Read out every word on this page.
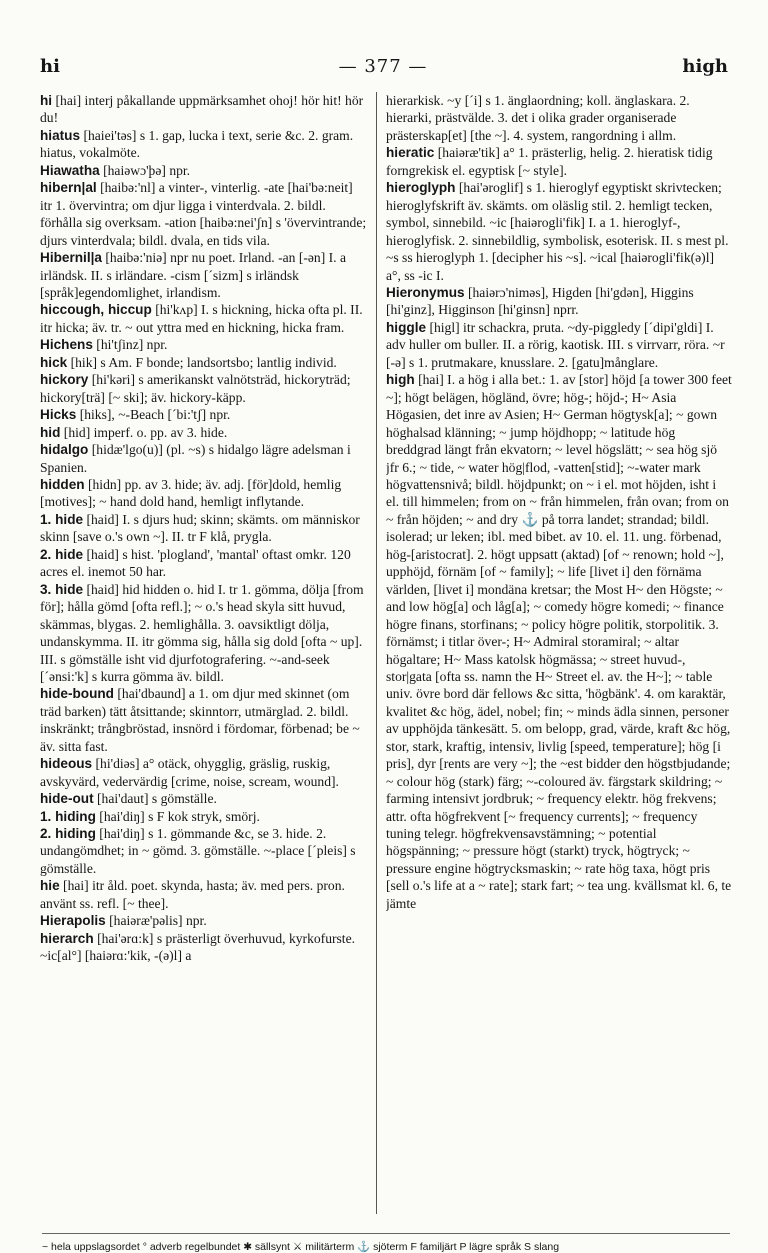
hi	— 377 —	high
hi [hai] interj påkallande uppmärksamhet ohoj! hör hit! hör du!
hiatus [haiei'təs] s 1. gap, lucka i text, serie &c. 2. gram. hiatus, vokalmöte.
Hiawatha [haiəwɔ'þə] npr.
hibern|al [haibə:'nl] a vinter-, vinterlig. -ate [hai'bə:neit] itr 1. övervintra; om djur ligga i vinterdvala. 2. bildl. förhålla sig overksam. -ation [haibə:nei'ʃn] s 'övervintrande; djurs vinterdvala; bildl. dvala, en tids vila.
Hibernil|a [haibə:'niə] npr nu poet. Irland. -an [-ən] I. a irländsk. II. s irländare. -cism [ˊsizm] s irländsk [språk]egendomlighet, irlandism.
hiccough, hiccup [hi'kʌp] I. s hickning, hicka ofta pl. II. itr hicka; äv. tr. ~ out yttra med en hickning, hicka fram.
Hichens [hi'tʃinz] npr.
hick [hik] s Am. F bonde; landsortsbo; lantlig individ.
hickory [hi'kəri] s amerikanskt valnötsträd, hickoryträd; hickory[trä] [~ ski]; äv. hickory-käpp.
Hicks [hiks], ~-Beach [ˊbi:'tʃ] npr.
hid [hid] imperf. o. pp. av 3. hide.
hidalgo [hidæ'lgo(u)] (pl. ~s) s hidalgo lägre adelsman i Spanien.
hidden [hidn] pp. av 3. hide; äv. adj. [för]dold, hemlig [motives]; ~ hand dold hand, hemligt inflytande.
1. hide [haid] I. s djurs hud; skinn; skämts. om människor skinn [save o.'s own ~]. II. tr F klå, prygla.
2. hide [haid] s hist. 'plogland', 'mantal' oftast omkr. 120 acres el. inemot 50 har.
3. hide [haid] hid hidden o. hid I. tr 1. gömma, dölja [from för]; hålla gömd [ofta refl.]; ~ o.'s head skyla sitt huvud, skämmas, blygas. 2. hemlighålla. 3. oavsiktligt dölja, undanskymma. II. itr gömma sig, hålla sig dold [ofta ~ up]. III. s gömställe isht vid djurfotografering. ~-and-seek [ˊənsi:'k] s kurra gömma äv. bildl.
hide-bound [hai'dbaund] a 1. om djur med skinnet (om träd barken) tätt åtsittande; skinntorr, utmärglad. 2. bildl. inskränkt; trångbröstad, insnörd i fördomar, förbenad; be ~ äv. sitta fast.
hideous [hi'diəs] a° otäck, ohygglig, gräslig, ruskig, avskyvärd, vedervärdig [crime, noise, scream, wound].
hide-out [hai'daut] s gömställe.
1. hiding [hai'diŋ] s F kok stryk, smörj.
2. hiding [hai'diŋ] s 1. gömmande &c, se 3. hide. 2. undangömdhet; in ~ gömd. 3. gömställe. ~-place [ˊpleis] s gömställe.
hie [hai] itr åld. poet. skynda, hasta; äv. med pers. pron. använt ss. refl. [~ thee].
Hierapolis [haiəræ'pəlis] npr.
hierarch [hai'ərɑ:k] s prästerligt överhuvud, kyrkofurste. ~ic[al°] [haiərɑ:'kik, -(ə)l] a
hierarkisk. ~y [ˊi] s 1. änglaordning; koll. änglaskara. 2. hierarki, prästvälde. 3. det i olika grader organiserade prästerskap[et] [the ~]. 4. system, rangordning i allm.
hieratic [haiəræ'tik] a° 1. prästerlig, helig. 2. hieratisk tidig forngrekisk el. egyptisk [~ style].
hieroglyph [hai'əroglif] s 1. hieroglyf egyptiskt skrivtecken; hieroglyfskrift äv. skämts. om oläslig stil. 2. hemligt tecken, symbol, sinnebild. ~ic [haiərogli'fik] I. a 1. hieroglyf-, hieroglyfisk. 2. sinnebildlig, symbolisk, esoterisk. II. s mest pl. ~s ss hieroglyph 1. [decipher his ~s]. ~ical [haiərogli'fik(ə)l] a°, ss -ic I.
Hieronymus [haiərɔ'niməs], Higden [hi'gdən], Higgins [hi'ginz], Higginson [hi'ginsn] nprr.
higgle [higl] itr schackra, pruta. ~dy-piggledy [ˊdipi'gldi] I. adv huller om buller. II. a rörig, kaotisk. III. s virrvarr, röra. ~r [-ə] s 1. prutmakare, knusslare. 2. [gatu]månglare.
high [hai] I. a hög i alla bet.: 1. av [stor] höjd [a tower 300 feet ~]; högt belägen, högländ, övre; hög-; höjd-; H~ Asia Högasien, det inre av Asien; H~ German högtysk[a]; ~ gown höghalsad klänning; ~ jump höjdhopp; ~ latitude hög breddgrad längt från ekvatorn; ~ level högslätt; ~ sea hög sjö jfr 6.; ~ tide, ~ water hög|flod, -vatten[stid]; ~-water mark högvattensnivå; bildl. höjdpunkt; on ~ i el. mot höjden, isht i el. till himmelen; from on ~ från himmelen, från ovan; from on ~ från höjden; ~ and dry ⚓ på torra landet; strandad; bildl. isolerad; ur leken; ibl. med bibet. av 10. el. 11. ung. förbenad, hög-[aristocrat]. 2. högt uppsatt (aktad) [of ~ renown; hold ~], upphöjd, förnäm [of ~ family]; ~ life [livet i] den förnäma världen, [livet i] mondäna kretsar; the Most H~ den Högste; ~ and low hög[a] och låg[a]; ~ comedy högre komedi; ~ finance högre finans, storfinans; ~ policy högre politik, storpolitik. 3. förnämst; i titlar över-; H~ Admiral storamiral; ~ altar högaltare; H~ Mass katolsk högmässa; ~ street huvud-, stor|gata [ofta ss. namn the H~ Street el. av. the H~]; ~ table univ. övre bord där fellows &c sitta, 'högbänk'. 4. om karaktär, kvalitet &c hög, ädel, nobel; fin; ~ minds ädla sinnen, personer av upphöjda tänkesätt. 5. om belopp, grad, värde, kraft &c hög, stor, stark, kraftig, intensiv, livlig [speed, temperature]; hög [i pris], dyr [rents are very ~]; the ~est bidder den högstbjudande; ~ colour hög (stark) färg; ~-coloured äv. färgstark skildring; ~ farming intensivt jordbruk; ~ frequency elektr. hög frekvens; attr. ofta högfrekvent [~ frequency currents]; ~ frequency tuning telegr. högfrekvensavstämning; ~ potential högspänning; ~ pressure högt (starkt) tryck, högtryck; ~ pressure engine högtrycksmaskin; ~ rate hög taxa, högt pris [sell o.'s life at a ~ rate]; stark fart; ~ tea ung. kvällsmat kl. 6, te jämte
~ hela uppslagsordet ° adverb regelbundet ✱ sällsynt ⚔ militärterm ⚓ sjöterm F familjärt P lägre språk S slang
